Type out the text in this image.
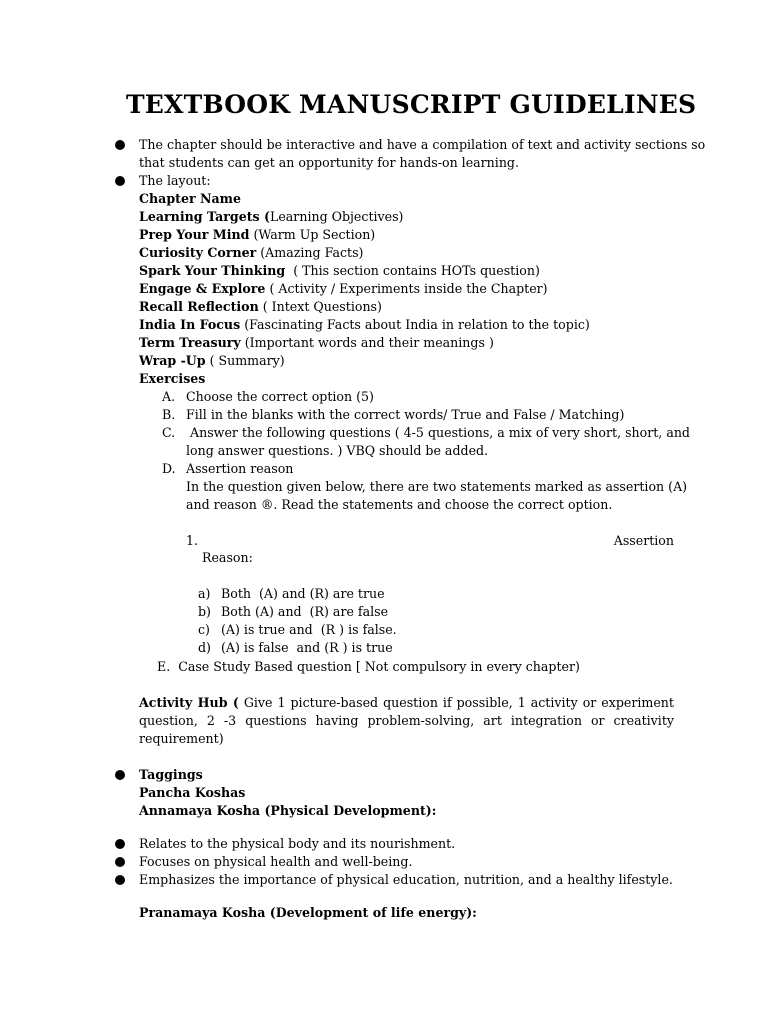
TEXTBOOK MANUSCRIPT GUIDELINES
The chapter should be interactive and have a compilation of text and activity sections so
that students can get an opportunity for hands-on learning.
The layout:
Chapter Name
Learning Targets (Learning Objectives)
Prep Your Mind (Warm Up Section)
Curiosity Corner (Amazing Facts)
Spark Your Thinking  ( This section contains HOTs question)
Engage & Explore ( Activity / Experiments inside the Chapter)
Recall Reflection ( Intext Questions)
India In Focus (Fascinating Facts about India in relation to the topic)
Term Treasury (Important words and their meanings )
Wrap -Up ( Summary)
Exercises
A. Choose the correct option (5)
B. Fill in the blanks with the correct words/ True and False / Matching)
C. Answer the following questions ( 4-5 questions, a mix of very short, short, and
long answer questions. ) VBQ should be added.
D. Assertion reason
In the question given below, there are two statements marked as assertion (A)
and reason ®. Read the statements and choose the correct option.
1.	Assertion
Reason:
a) Both  (A) and (R) are true
b) Both (A) and  (R) are false
c) (A) is true and  (R ) is false.
d) (A) is false  and (R ) is true
E.  Case Study Based question [ Not compulsory in every chapter)
Activity Hub ( Give 1 picture-based question if possible, 1 activity or experiment
question, 2 -3 questions having problem-solving, art integration or creativity
requirement)
Taggings
Pancha Koshas
Annamaya Kosha (Physical Development):
Relates to the physical body and its nourishment.
Focuses on physical health and well-being.
Emphasizes the importance of physical education, nutrition, and a healthy lifestyle.
Pranamaya Kosha (Development of life energy):
